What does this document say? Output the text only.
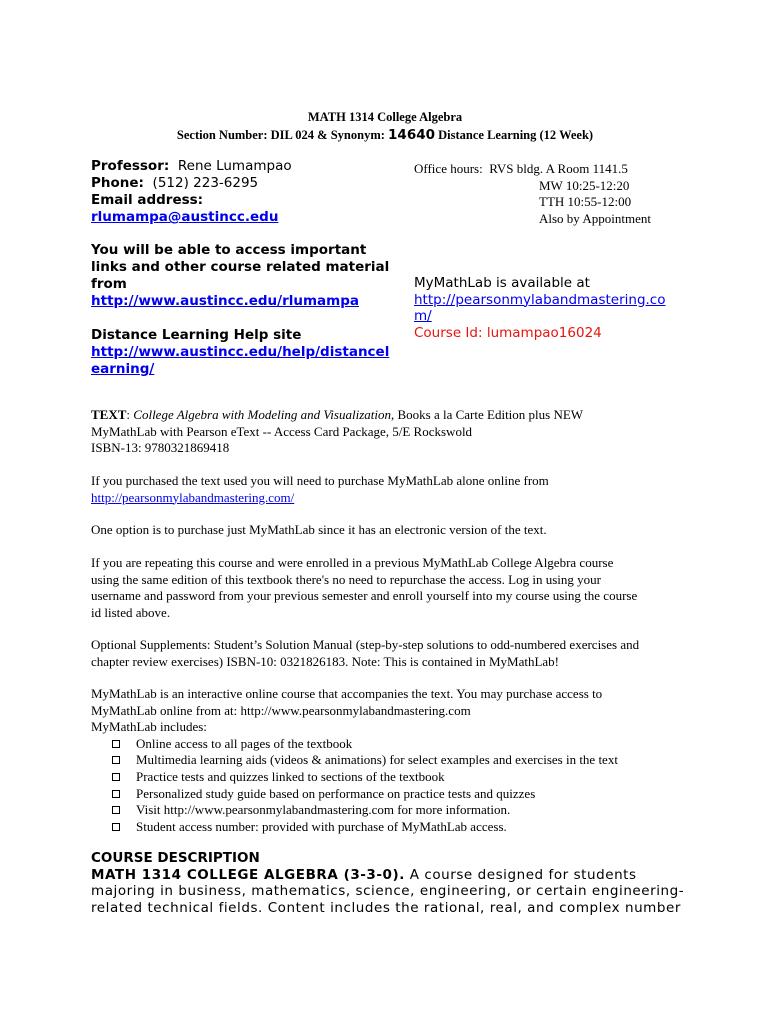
MATH 1314 College Algebra
Section Number: DIL 024 & Synonym: 14640 Distance Learning (12 Week)
Professor: Rene Lumampao
Phone: (512) 223-6295
Email address:
rlumampa@austincc.edu
Office hours: RVS bldg. A Room 1141.5
MW 10:25-12:20
TTH 10:55-12:00
Also by Appointment
You will be able to access important
links and other course related material
from
http://www.austincc.edu/rlumampa
Distance Learning Help site
http://www.austincc.edu/help/distancel
earning/
MyMathLab is available at
http://pearsonmylabandmastering.co
m/
Course Id: lumampao16024
TEXT: College Algebra with Modeling and Visualization, Books a la Carte Edition plus NEW
MyMathLab with Pearson eText -- Access Card Package, 5/E Rockswold
ISBN-13: 9780321869418
If you purchased the text used you will need to purchase MyMathLab alone online from
http://pearsonmylabandmastering.com/
One option is to purchase just MyMathLab since it has an electronic version of the text.
If you are repeating this course and were enrolled in a previous MyMathLab College Algebra course
using the same edition of this textbook there's no need to repurchase the access. Log in using your
username and password from your previous semester and enroll yourself into my course using the course
id listed above.
Optional Supplements: Student’s Solution Manual (step-by-step solutions to odd-numbered exercises and
chapter review exercises) ISBN-10: 0321826183. Note: This is contained in MyMathLab!
MyMathLab is an interactive online course that accompanies the text. You may purchase access to
MyMathLab online from at: http://www.pearsonmylabandmastering.com
MyMathLab includes:
Online access to all pages of the textbook
Multimedia learning aids (videos & animations) for select examples and exercises in the text
Practice tests and quizzes linked to sections of the textbook
Personalized study guide based on performance on practice tests and quizzes
Visit http://www.pearsonmylabandmastering.com for more information.
Student access number: provided with purchase of MyMathLab access.
COURSE DESCRIPTION
MATH 1314 COLLEGE ALGEBRA (3-3-0). A course designed for students
majoring in business, mathematics, science, engineering, or certain engineering-
related technical fields. Content includes the rational, real, and complex number
